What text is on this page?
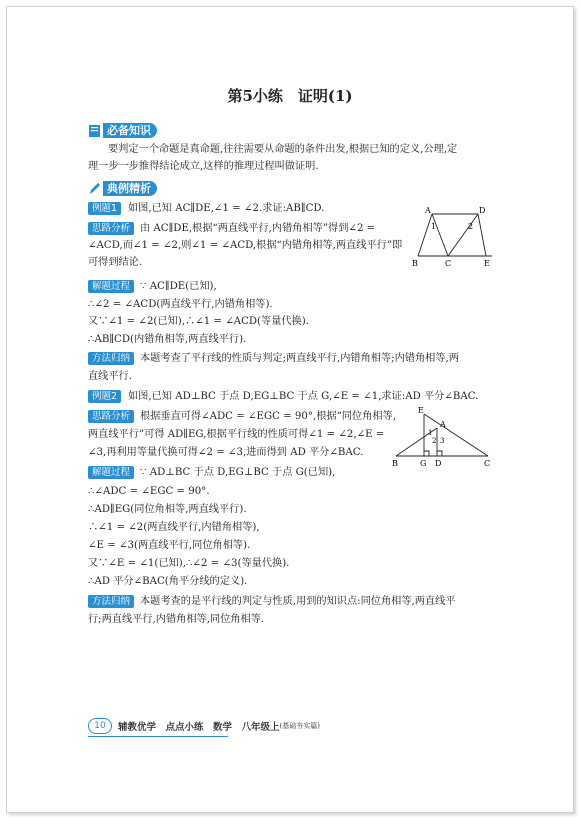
第5小练　证明(1)
必备知识
要判定一个命题是真命题,往往需要从命题的条件出发,根据已知的定义,公理,定
理一步一步推得结论成立,这样的推理过程叫做证明.
典例精析
例题1	如图,已知 AC∥DE,∠1 = ∠2.求证:AB∥CD.
思路分析 由 AC∥DE,根据“两直线平行,内错角相等”得到∠2 =
∠ACD,而∠1 = ∠2,则∠1 = ∠ACD,根据“内错角相等,两直线平行”即
可得到结论.
解题过程 ∵ AC∥DE(已知),
∴∠2 = ∠ACD(两直线平行,内错角相等).
又∵∠1 = ∠2(已知),∴∠1 = ∠ACD(等量代换).
∴AB∥CD(内错角相等,两直线平行).
方法归纳 本题考查了平行线的性质与判定;两直线平行,内错角相等;内错角相等,两
直线平行.
A	D
B	C	E
1	2
例题2	如图,已知 AD⊥BC 于点 D,EG⊥BC 于点 G,∠E = ∠1,求证:AD 平分∠BAC.
思路分析 根据垂直可得∠ADC = ∠EGC = 90°,根据“同位角相等,
两直线平行”可得 AD∥EG,根据平行线的性质可得∠1 = ∠2,∠E =
∠3,再利用等量代换可得∠2 = ∠3,进而得到 AD 平分∠BAC.
解题过程 ∵ AD⊥BC 于点 D,EG⊥BC 于点 G(已知),
∴∠ADC = ∠EGC = 90°.
∴AD∥EG(同位角相等,两直线平行).
∴∠1 = ∠2(两直线平行,内错角相等),
∠E = ∠3(两直线平行,同位角相等).
又∵∠E = ∠1(已知),∴∠2 = ∠3(等量代换).
∴AD 平分∠BAC(角平分线的定义).
方法归纳 本题考查的是平行线的判定与性质,用到的知识点:同位角相等,两直线平
行;两直线平行,内错角相等,同位角相等.
E
A
B	G D	C
1
2 3
10	辅教优学　点点小练　数学　八年级上 (基础夯实篇)
